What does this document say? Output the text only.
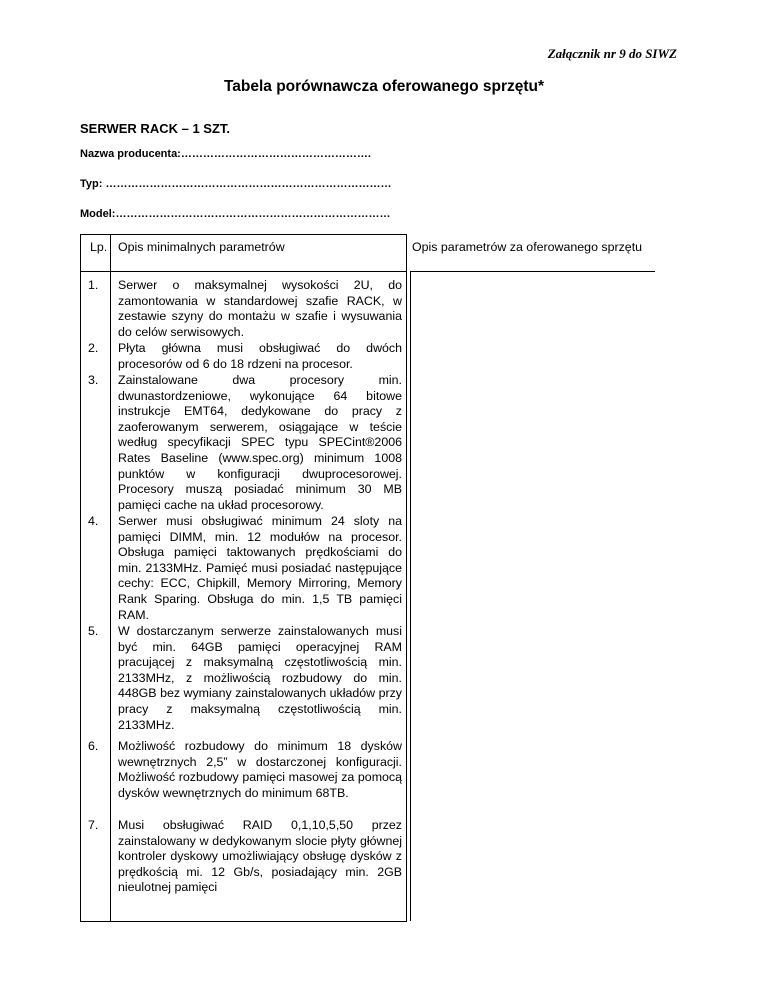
Załącznik nr 9 do SIWZ
Tabela porównawcza oferowanego sprzętu*
SERWER RACK – 1 SZT.
Nazwa producenta:…………………………………………….
Typ: ……………………………………………………………………
Model:…………………………………………………………………
Lp. Opis minimalnych parametrów	Opis parametrów za oferowanego sprzętu
1. Serwer o maksymalnej wysokości 2U, do zamontowania w standardowej szafie RACK, w zestawie szyny do montażu w szafie i wysuwania do celów serwisowych.
2. Płyta główna musi obsługiwać do dwóch procesorów od 6 do 18 rdzeni na procesor.
3. Zainstalowane dwa procesory min. dwunastordzeniowe, wykonujące 64 bitowe instrukcje EMT64, dedykowane do pracy z zaoferowanym serwerem, osiągające w teście według specyfikacji SPEC typu SPECint®2006 Rates Baseline (www.spec.org) minimum 1008 punktów w konfiguracji dwuprocesorowej. Procesory muszą posiadać minimum 30 MB pamięci cache na układ procesorowy.
4. Serwer musi obsługiwać minimum 24 sloty na pamięci DIMM, min. 12 modułów na procesor. Obsługa pamięci taktowanych prędkościami do min. 2133MHz. Pamięć musi posiadać następujące cechy: ECC, Chipkill, Memory Mirroring, Memory Rank Sparing. Obsługa do min. 1,5 TB pamięci RAM.
5. W dostarczanym serwerze zainstalowanych musi być min. 64GB pamięci operacyjnej RAM pracującej z maksymalną częstotliwością min. 2133MHz, z możliwością rozbudowy do min. 448GB bez wymiany zainstalowanych układów przy pracy z maksymalną częstotliwością min. 2133MHz.
6. Możliwość rozbudowy do minimum 18 dysków wewnętrznych 2,5” w dostarczonej konfiguracji. Możliwość rozbudowy pamięci masowej za pomocą dysków wewnętrznych do minimum 68TB.
7. Musi obsługiwać RAID 0,1,10,5,50 przez zainstalowany w dedykowanym slocie płyty głównej kontroler dyskowy umożliwiający obsługę dysków z prędkością mi. 12 Gb/s, posiadający min. 2GB nieulotnej pamięci
